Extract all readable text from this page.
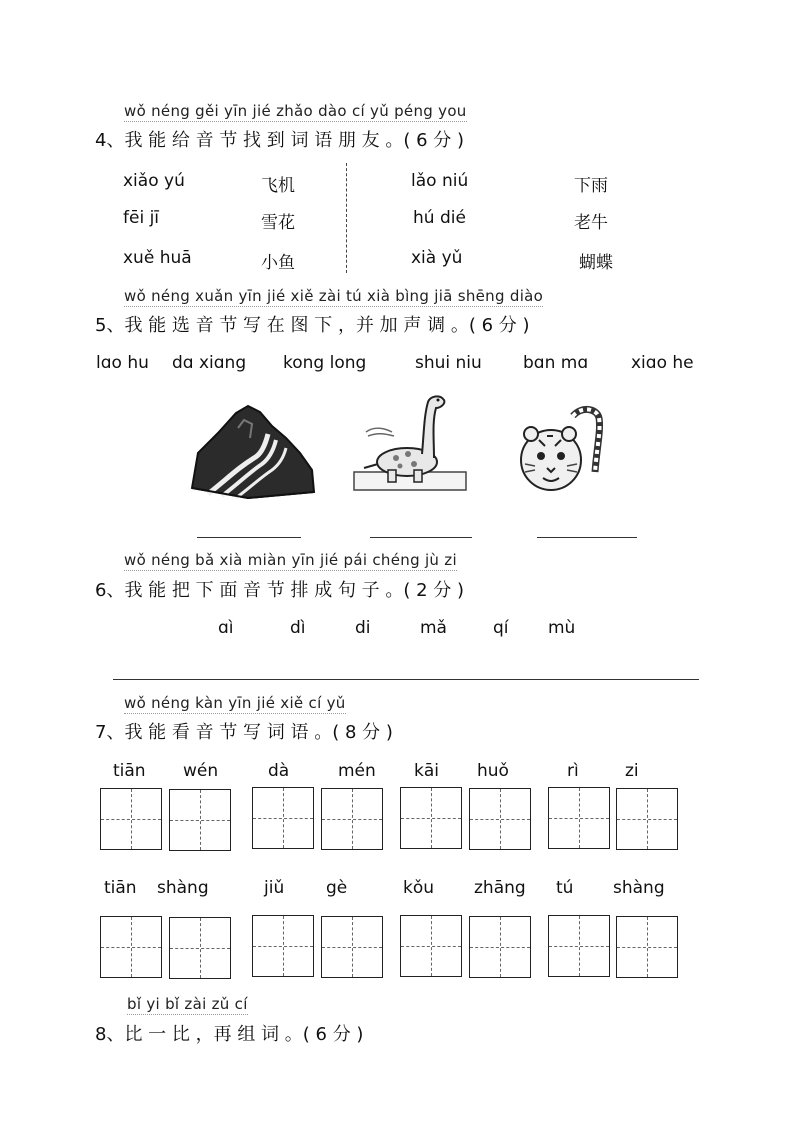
wǒ néng gěi yīn jié zhǎo dào cí yǔ péng you
4、我 能 给 音 节 找 到 词 语 朋 友 。( 6 分 )
xiǎo yú
fēi jī
xuě huā
飞机
雪花
小鱼
lǎo niú
hú dié
xià yǔ
下雨
老牛
蝴蝶
wǒ néng xuǎn yīn jié xiě zài tú xià bìng jiā shēng diào
5、我 能 选 音 节 写 在 图 下 ，并 加 声 调 。( 6 分 )
lɑo hu dɑ xiɑng kong long	shui niu bɑn mɑ	xiɑo he
wǒ néng bǎ xià miàn yīn jié pái chéng jù zi
6、我 能 把 下 面 音 节 排 成 句 子 。( 2 分 )
ɑì	dì	di	mǎ	qí mù
wǒ néng kàn yīn jié xiě cí yǔ
7、我 能 看 音 节 写 词 语 。( 8 分 )
tiān wén	dà	mén kāi huǒ	rì	zi
tiān shàng	jiǔ gè	kǒu zhāng tú shàng
bǐ yi bǐ zài zǔ cí
8、比 一 比 ，再 组 词 。( 6 分 )
